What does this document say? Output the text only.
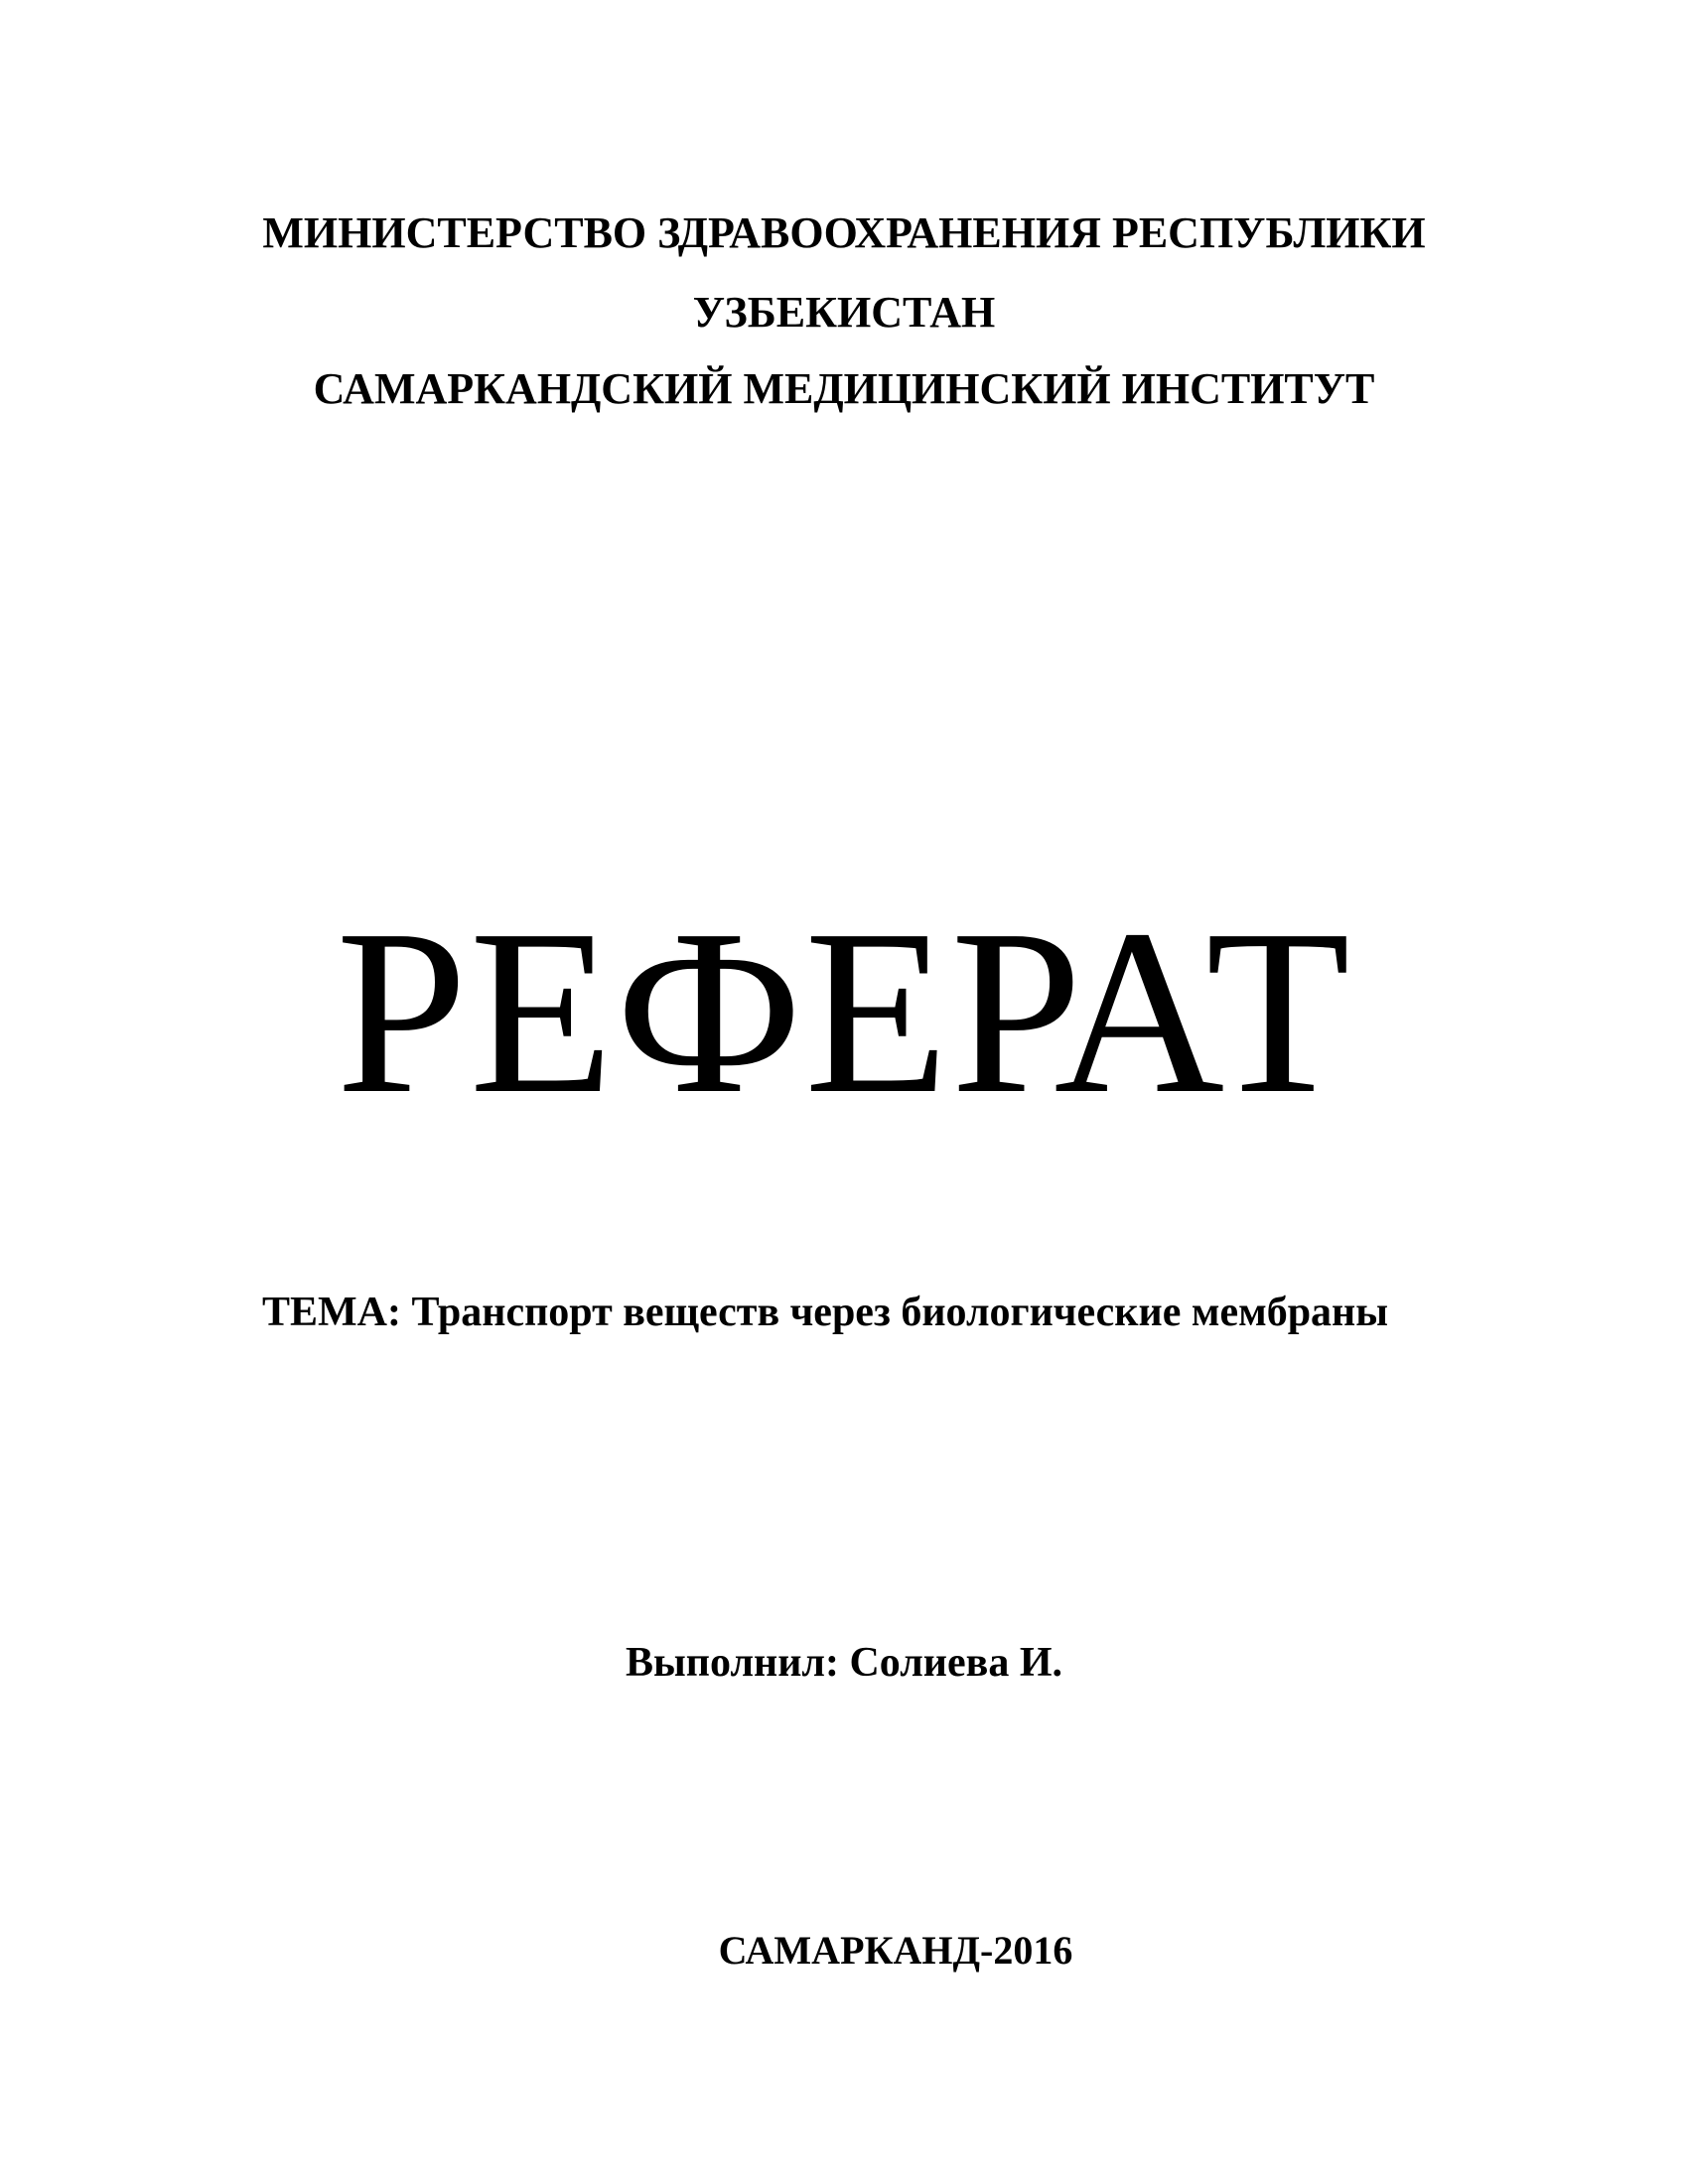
МИНИСТЕРСТВО ЗДРАВООХРАНЕНИЯ РЕСПУБЛИКИ
УЗБЕКИСТАН
САМАРКАНДСКИЙ МЕДИЦИНСКИЙ ИНСТИТУТ
РЕФЕРАТ
ТЕМА: Транспорт веществ через биологические мембраны
Выполнил: Солиева И.
САМАРКАНД-2016
